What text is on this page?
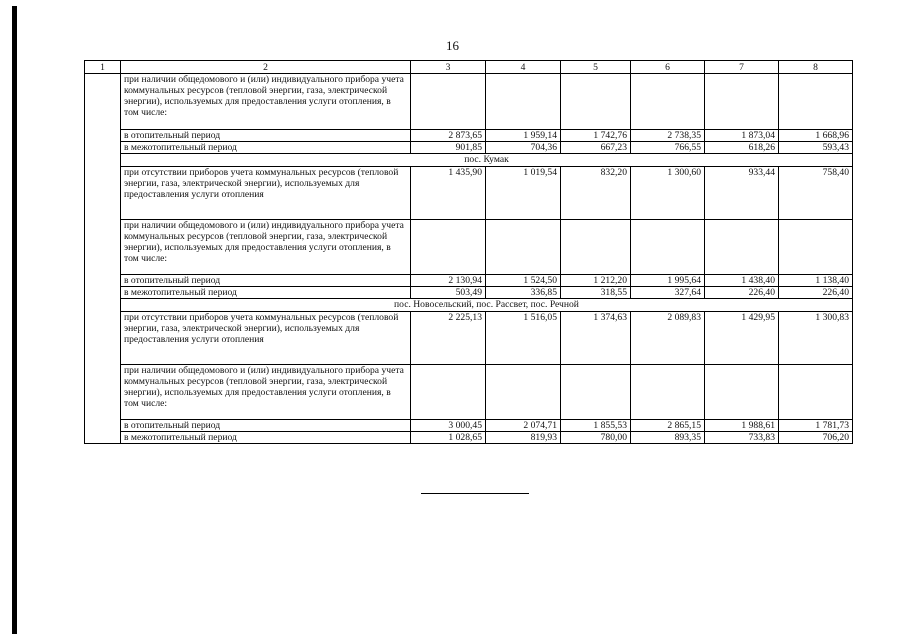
16
1	2	3	4	5	6	7	8
	при наличии общедомового и (или) индивидуального прибора учета коммунальных ресурсов (тепловой энергии, газа, электрической энергии), используемых для предоставления услуги отопления, в том числе:						
	в отопительный период	2 873,65	1 959,14	1 742,76	2 738,35	1 873,04	1 668,96
	в межотопительный период	901,85	704,36	667,23	766,55	618,26	593,43
	пос. Кумак						
	при отсутствии приборов учета коммунальных ресурсов (тепловой энергии, газа, электрической энергии), используемых для предоставления услуги отопления	1 435,90	1 019,54	832,20	1 300,60	933,44	758,40
	при наличии общедомового и (или) индивидуального прибора учета коммунальных ресурсов (тепловой энергии, газа, электрической энергии), используемых для предоставления услуги отопления, в том числе:						
	в отопительный период	2 130,94	1 524,50	1 212,20	1 995,64	1 438,40	1 138,40
	в межотопительный период	503,49	336,85	318,55	327,64	226,40	226,40
	пос. Новосельский, пос. Рассвет, пос. Речной						
	при отсутствии приборов учета коммунальных ресурсов (тепловой энергии, газа, электрической энергии), используемых для предоставления услуги отопления	2 225,13	1 516,05	1 374,63	2 089,83	1 429,95	1 300,83
	при наличии общедомового и (или) индивидуального прибора учета коммунальных ресурсов (тепловой энергии, газа, электрической энергии), используемых для предоставления услуги отопления, в том числе:						
	в отопительный период	3 000,45	2 074,71	1 855,53	2 865,15	1 988,61	1 781,73
	в межотопительный период	1 028,65	819,93	780,00	893,35	733,83	706,20
